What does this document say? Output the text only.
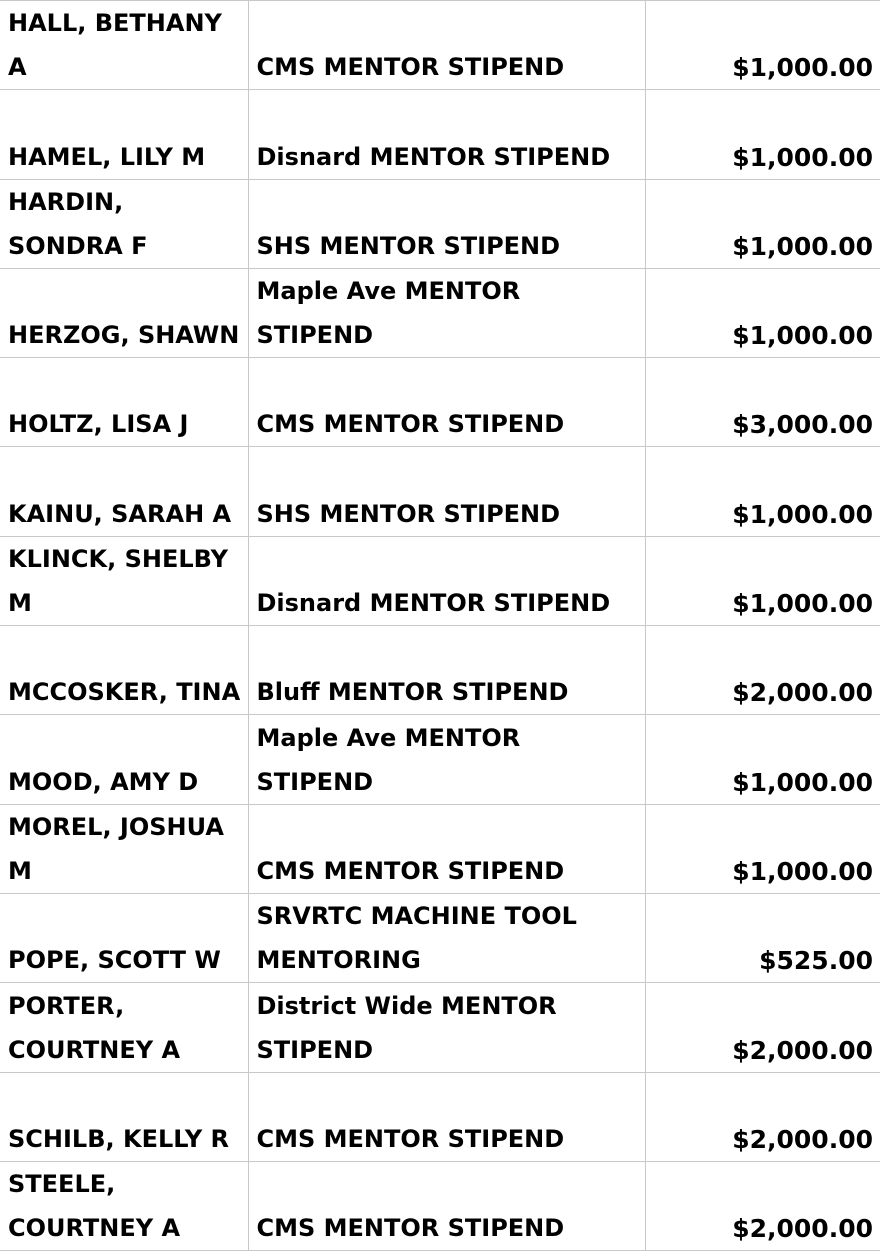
HALL, BETHANY A	CMS MENTOR STIPEND	$1,000.00
HAMEL, LILY M	Disnard MENTOR STIPEND	$1,000.00
HARDIN, SONDRA F	SHS MENTOR STIPEND	$1,000.00
HERZOG, SHAWN	Maple Ave MENTOR STIPEND	$1,000.00
HOLTZ, LISA J	CMS MENTOR STIPEND	$3,000.00
KAINU, SARAH A	SHS MENTOR STIPEND	$1,000.00
KLINCK, SHELBY M	Disnard MENTOR STIPEND	$1,000.00
MCCOSKER, TINA	Bluff MENTOR STIPEND	$2,000.00
MOOD, AMY D	Maple Ave MENTOR STIPEND	$1,000.00
MOREL, JOSHUA M	CMS MENTOR STIPEND	$1,000.00
POPE, SCOTT W	SRVRTC MACHINE TOOL MENTORING	$525.00
PORTER, COURTNEY A	District Wide MENTOR STIPEND	$2,000.00
SCHILB, KELLY R	CMS MENTOR STIPEND	$2,000.00
STEELE, COURTNEY A	CMS MENTOR STIPEND	$2,000.00
